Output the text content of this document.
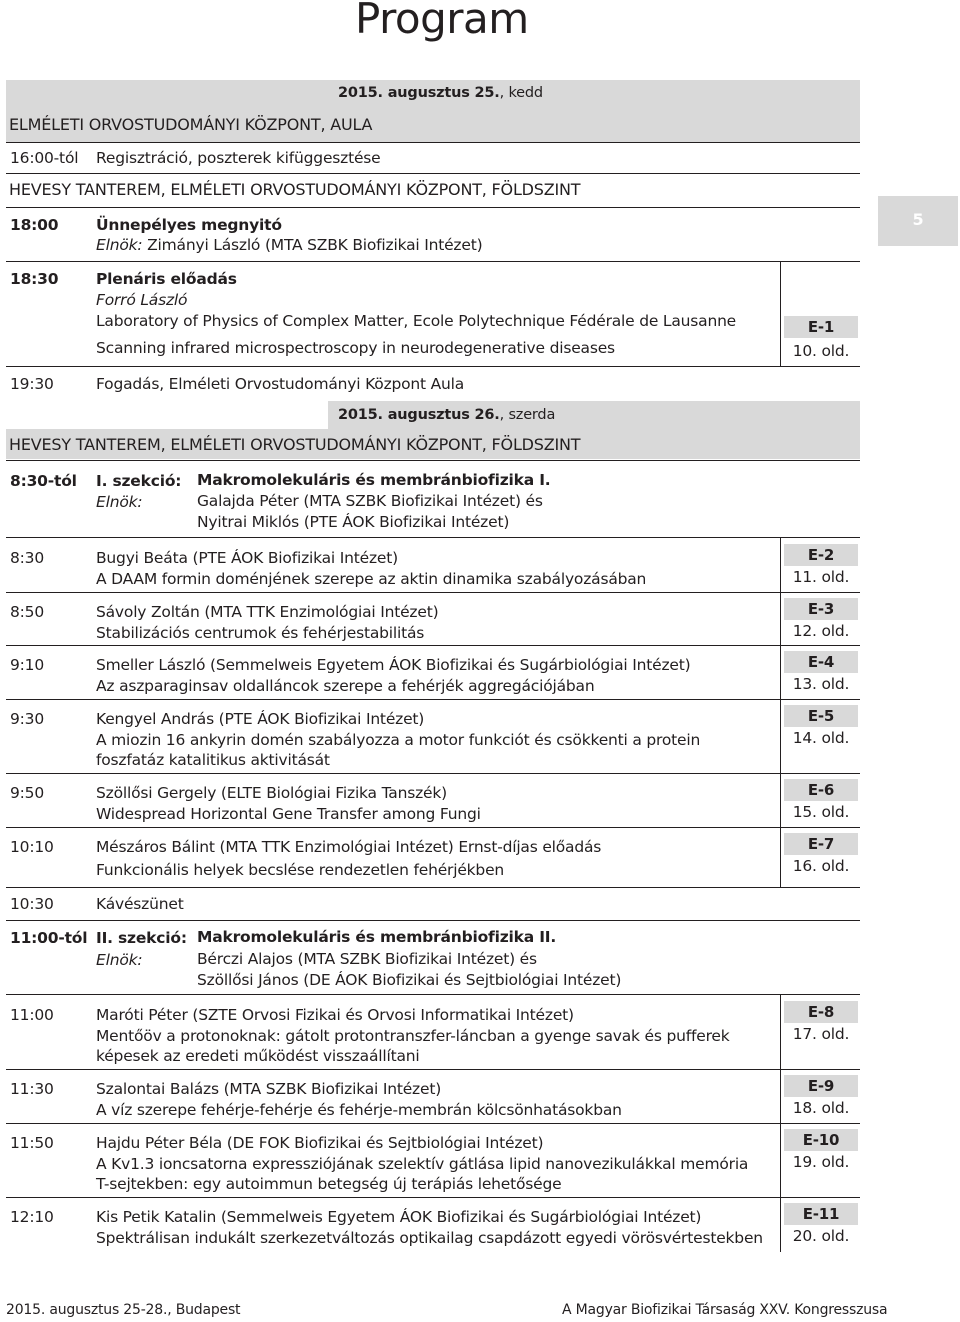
Program
5
2015. augusztus 25., kedd
ELMÉLETI ORVOSTUDOMÁNYI KÖZPONT, AULA
16:00-tól Regisztráció, poszterek kifüggesztése
HEVESY TANTEREM, ELMÉLETI ORVOSTUDOMÁNYI KÖZPONT, FÖLDSZINT
18:00 Ünnepélyes megnyitó
Elnök: Zimányi László (MTA SZBK Biofizikai Intézet)
18:30 Plenáris előadás
Forró László
Laboratory of Physics of Complex Matter, Ecole Polytechnique Fédérale de Lausanne
Scanning infrared microspectroscopy in neurodegenerative diseases
E-1
10. old.
19:30	Fogadás, Elméleti Orvostudományi Központ Aula
2015. augusztus 26., szerda
HEVESY TANTEREM, ELMÉLETI ORVOSTUDOMÁNYI KÖZPONT, FÖLDSZINT
8:30-tól I. szekció: Makromolekuláris és membránbiofizika I.
Elnök:	Galajda Péter (MTA SZBK Biofizikai Intézet) és
Nyitrai Miklós (PTE ÁOK Biofizikai Intézet)
8:30	Bugyi Beáta (PTE ÁOK Biofizikai Intézet)
A DAAM formin doménjének szerepe az aktin dinamika szabályozásában
E-2
11. old.
8:50	Sávoly Zoltán (MTA TTK Enzimológiai Intézet)
Stabilizációs centrumok és fehérjestabilitás
E-3
12. old.
9:10	Smeller László (Semmelweis Egyetem ÁOK Biofizikai és Sugárbiológiai Intézet)
Az aszparaginsav oldalláncok szerepe a fehérjék aggregációjában
E-4
13. old.
9:30	Kengyel András (PTE ÁOK Biofizikai Intézet)
A miozin 16 ankyrin domén szabályozza a motor funkciót és csökkenti a protein
foszfatáz katalitikus aktivitását
E-5
14. old.
9:50	Szöllősi Gergely (ELTE Biológiai Fizika Tanszék)
Widespread Horizontal Gene Transfer among Fungi
E-6
15. old.
10:10	Mészáros Bálint (MTA TTK Enzimológiai Intézet) Ernst-díjas előadás
Funkcionális helyek becslése rendezetlen fehérjékben
E-7
16. old.
10:30	Kávészünet
11:00-tól II. szekció: Makromolekuláris és membránbiofizika II.
Elnök:	Bérczi Alajos (MTA SZBK Biofizikai Intézet) és
Szöllősi János (DE ÁOK Biofizikai és Sejtbiológiai Intézet)
11:00	Maróti Péter (SZTE Orvosi Fizikai és Orvosi Informatikai Intézet)
Mentőöv a protonoknak: gátolt protontranszfer-láncban a gyenge savak és pufferek
képesek az eredeti működést visszaállítani
E-8
17. old.
11:30	Szalontai Balázs (MTA SZBK Biofizikai Intézet)
A víz szerepe fehérje-fehérje és fehérje-membrán kölcsönhatásokban
E-9
18. old.
11:50	Hajdu Péter Béla (DE FOK Biofizikai és Sejtbiológiai Intézet)
A Kv1.3 ioncsatorna expressziójának szelektív gátlása lipid nanovezikulákkal memória
T-sejtekben: egy autoimmun betegség új terápiás lehetősége
E-10
19. old.
12:10	Kis Petik Katalin (Semmelweis Egyetem ÁOK Biofizikai és Sugárbiológiai Intézet)
Spektrálisan indukált szerkezetváltozás optikailag csapdázott egyedi vörösvértestekben
E-11
20. old.
2015. augusztus 25-28., Budapest	A Magyar Biofizikai Társaság XXV. Kongresszusa
